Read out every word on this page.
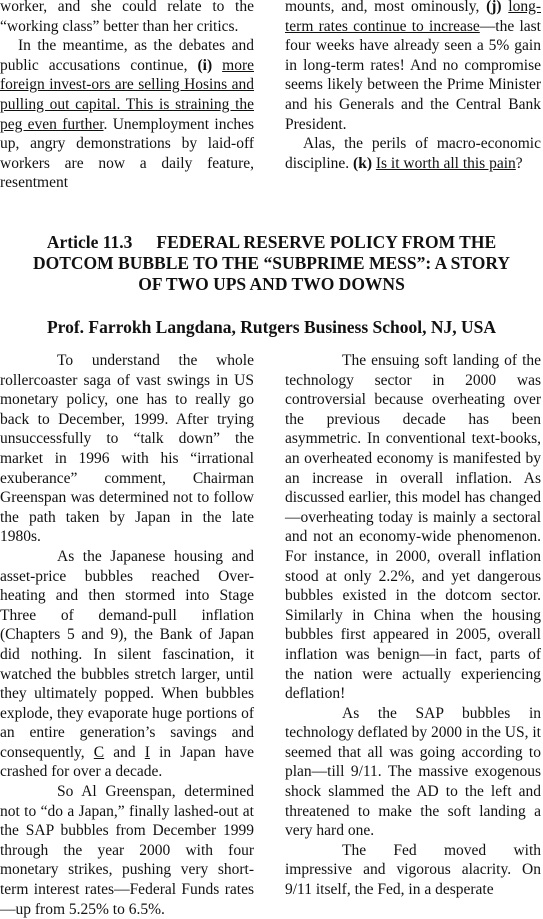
worker, and she could relate to the “working class” better than her critics.

In the meantime, as the debates and public accusations continue, (i) more foreign invest-ors are selling Hosins and pulling out capital. This is straining the peg even further. Unemployment inches up, angry demonstrations by laid-off workers are now a daily feature, resentment

mounts, and, most ominously, (j) long-term rates continue to increase—the last four weeks have already seen a 5% gain in long-term rates! And no compromise seems likely between the Prime Minister and his Generals and the Central Bank President.

Alas, the perils of macro-economic discipline. (k) Is it worth all this pain?

Article 11.3 FEDERAL RESERVE POLICY FROM THE
DOTCOM BUBBLE TO THE “SUBPRIME MESS”: A STORY
OF TWO UPS AND TWO DOWNS
Prof. Farrokh Langdana, Rutgers Business School, NJ, USA

To understand the whole rollercoaster saga of vast swings in US monetary policy, one has to really go back to December, 1999. After trying unsuccessfully to “talk down” the market in 1996 with his “irrational exuberance” comment, Chairman Greenspan was determined not to follow the path taken by Japan in the late 1980s.

As the Japanese housing and asset-price bubbles reached Over-heating and then stormed into Stage Three of demand-pull inflation (Chapters 5 and 9), the Bank of Japan did nothing. In silent fascination, it watched the bubbles stretch larger, until they ultimately popped. When bubbles explode, they evaporate huge portions of an entire generation’s savings and consequently, C and I in Japan have crashed for over a decade.

So Al Greenspan, determined not to “do a Japan,” finally lashed-out at the SAP bubbles from December 1999 through the year 2000 with four monetary strikes, pushing very short-term interest rates—Federal Funds rates—up from 5.25% to 6.5%.

The ensuing soft landing of the technology sector in 2000 was controversial because overheating over the previous decade has been asymmetric. In conventional text-books, an overheated economy is manifested by an increase in overall inflation. As discussed earlier, this model has changed—overheating today is mainly a sectoral and not an economy-wide phenomenon. For instance, in 2000, overall inflation stood at only 2.2%, and yet dangerous bubbles existed in the dotcom sector. Similarly in China when the housing bubbles first appeared in 2005, overall inflation was benign—in fact, parts of the nation were actually experiencing deflation!

As the SAP bubbles in technology deflated by 2000 in the US, it seemed that all was going according to plan—till 9/11. The massive exogenous shock slammed the AD to the left and threatened to make the soft landing a very hard one.

The Fed moved with impressive and vigorous alacrity. On 9/11 itself, the Fed, in a desperate
